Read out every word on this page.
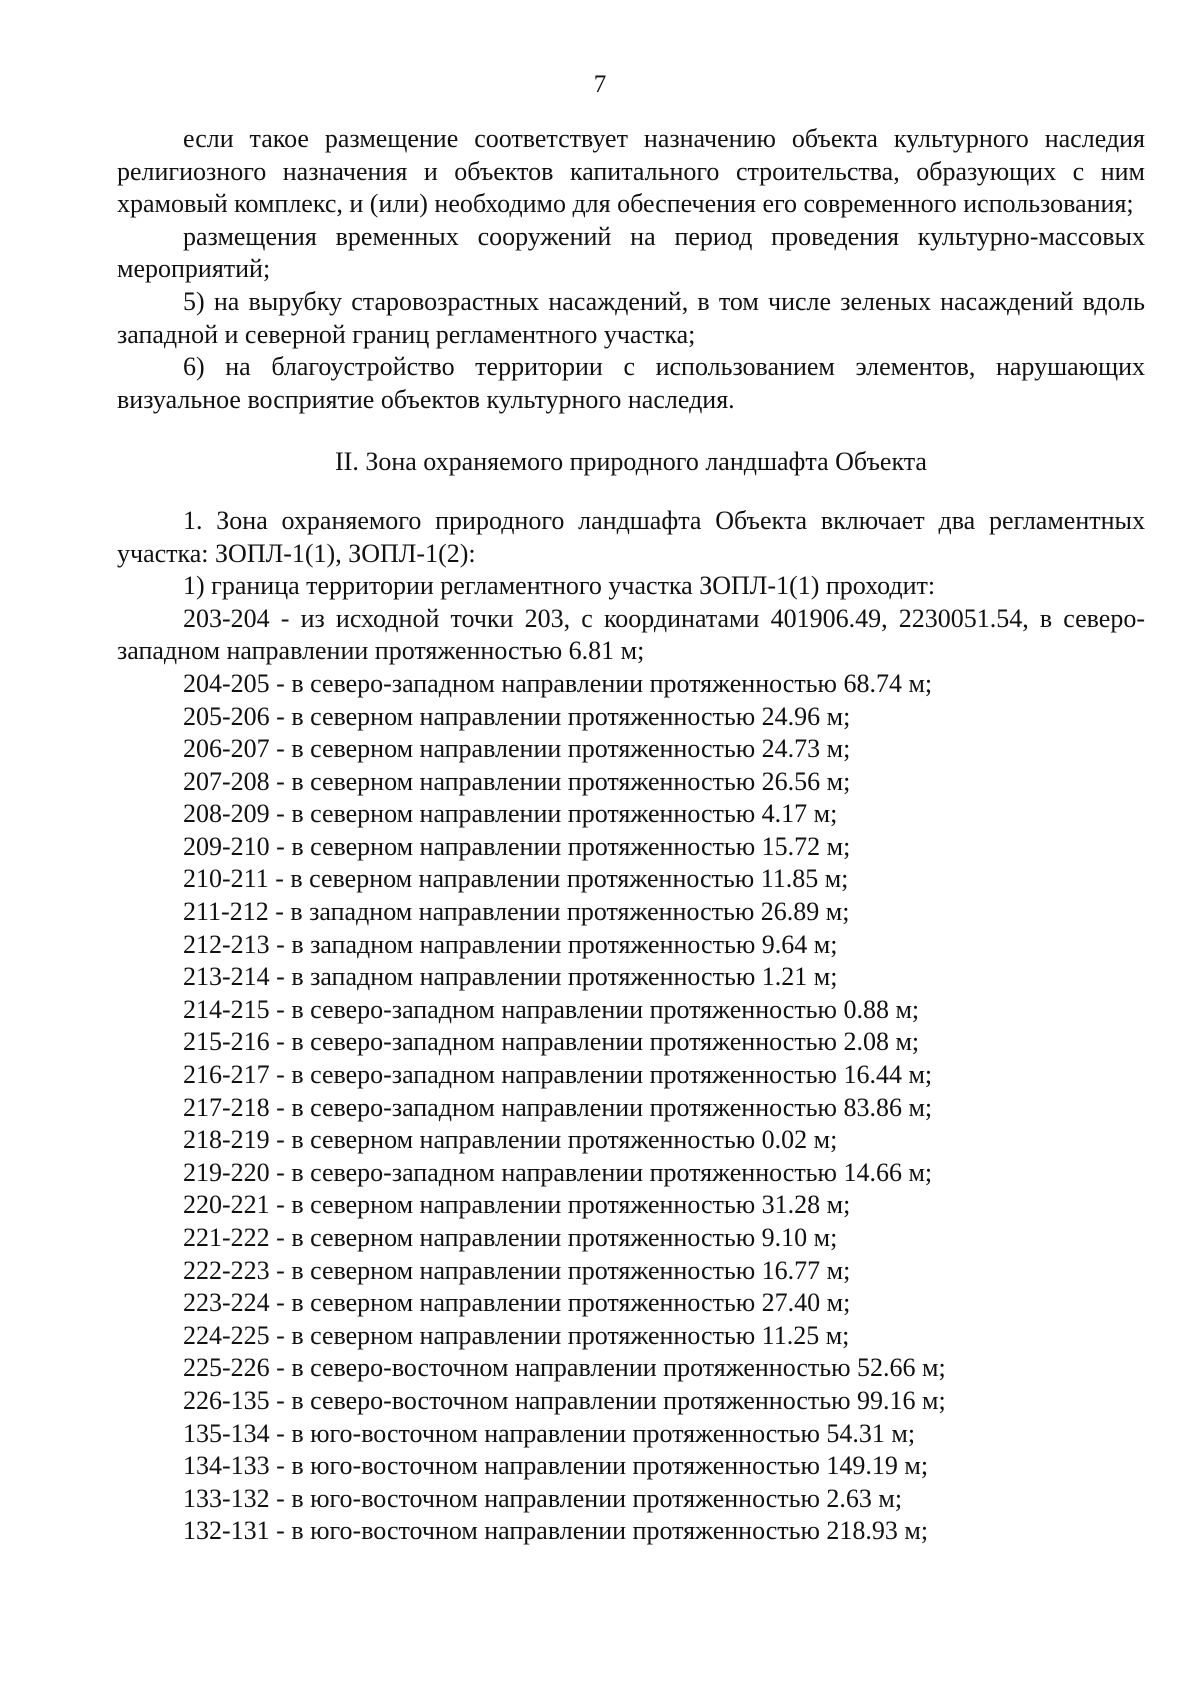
7

если такое размещение соответствует назначению объекта культурного наследия религиозного назначения и объектов капитального строительства, образующих с ним храмовый комплекс, и (или) необходимо для обеспечения его современного использования;

размещения временных сооружений на период проведения культурно-массовых мероприятий;

5) на вырубку старовозрастных насаждений, в том числе зеленых насаждений вдоль западной и северной границ регламентного участка;

6) на благоустройство территории с использованием элементов, нарушающих визуальное восприятие объектов культурного наследия.

II. Зона охраняемого природного ландшафта Объекта

1. Зона охраняемого природного ландшафта Объекта включает два регламентных участка: ЗОПЛ-1(1), ЗОПЛ-1(2):

1) граница территории регламентного участка ЗОПЛ-1(1) проходит:

203-204 - из исходной точки 203, с координатами 401906.49, 2230051.54, в северо-западном направлении протяженностью 6.81 м;

204-205 - в северо-западном направлении протяженностью 68.74 м;

205-206 - в северном направлении протяженностью 24.96 м;

206-207 - в северном направлении протяженностью 24.73 м;

207-208 - в северном направлении протяженностью 26.56 м;

208-209 - в северном направлении протяженностью 4.17 м;

209-210 - в северном направлении протяженностью 15.72 м;

210-211 - в северном направлении протяженностью 11.85 м;

211-212 - в западном направлении протяженностью 26.89 м;

212-213 - в западном направлении протяженностью 9.64 м;

213-214 - в западном направлении протяженностью 1.21 м;

214-215 - в северо-западном направлении протяженностью 0.88 м;

215-216 - в северо-западном направлении протяженностью 2.08 м;

216-217 - в северо-западном направлении протяженностью 16.44 м;

217-218 - в северо-западном направлении протяженностью 83.86 м;

218-219 - в северном направлении протяженностью 0.02 м;

219-220 - в северо-западном направлении протяженностью 14.66 м;

220-221 - в северном направлении протяженностью 31.28 м;

221-222 - в северном направлении протяженностью 9.10 м;

222-223 - в северном направлении протяженностью 16.77 м;

223-224 - в северном направлении протяженностью 27.40 м;

224-225 - в северном направлении протяженностью 11.25 м;

225-226 - в северо-восточном направлении протяженностью 52.66 м;

226-135 - в северо-восточном направлении протяженностью 99.16 м;

135-134 - в юго-восточном направлении протяженностью 54.31 м;

134-133 - в юго-восточном направлении протяженностью 149.19 м;

133-132 - в юго-восточном направлении протяженностью 2.63 м;

132-131 - в юго-восточном направлении протяженностью 218.93 м;
